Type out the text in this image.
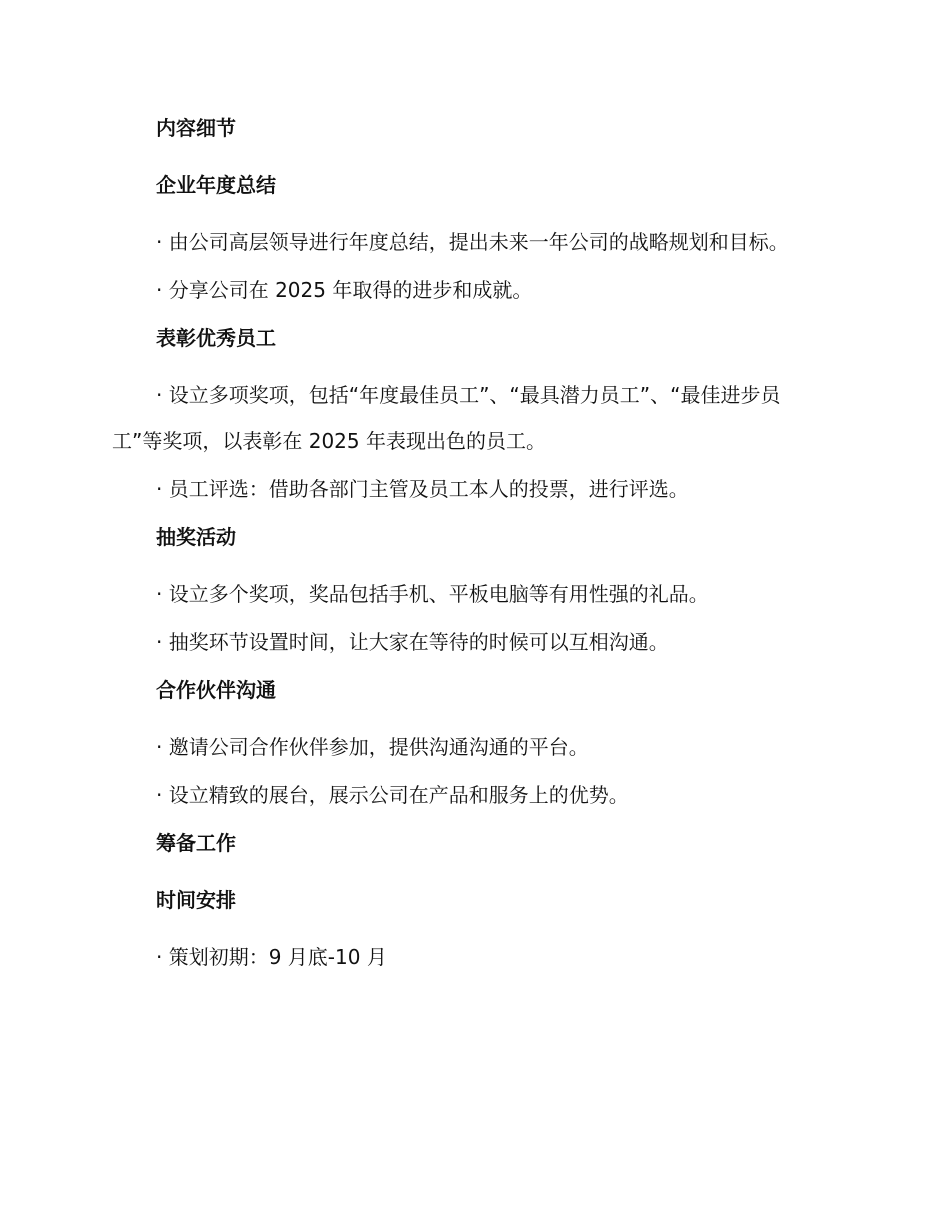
内容细节
企业年度总结

· 由公司高层领导进行年度总结，提出未来一年公司的战略规划和目标。

· 分享公司在 2025 年取得的进步和成就。

表彰优秀员工

· 设立多项奖项，包括“年度最佳员工”、“最具潜力员工”、“最佳进步员工”等奖项，以表彰在 2025 年表现出色的员工。

· 员工评选：借助各部门主管及员工本人的投票，进行评选。

抽奖活动

· 设立多个奖项，奖品包括手机、平板电脑等有用性强的礼品。

· 抽奖环节设置时间，让大家在等待的时候可以互相沟通。

合作伙伴沟通

· 邀请公司合作伙伴参加，提供沟通沟通的平台。

· 设立精致的展台，展示公司在产品和服务上的优势。

筹备工作
时间安排

· 策划初期：9 月底-10 月
